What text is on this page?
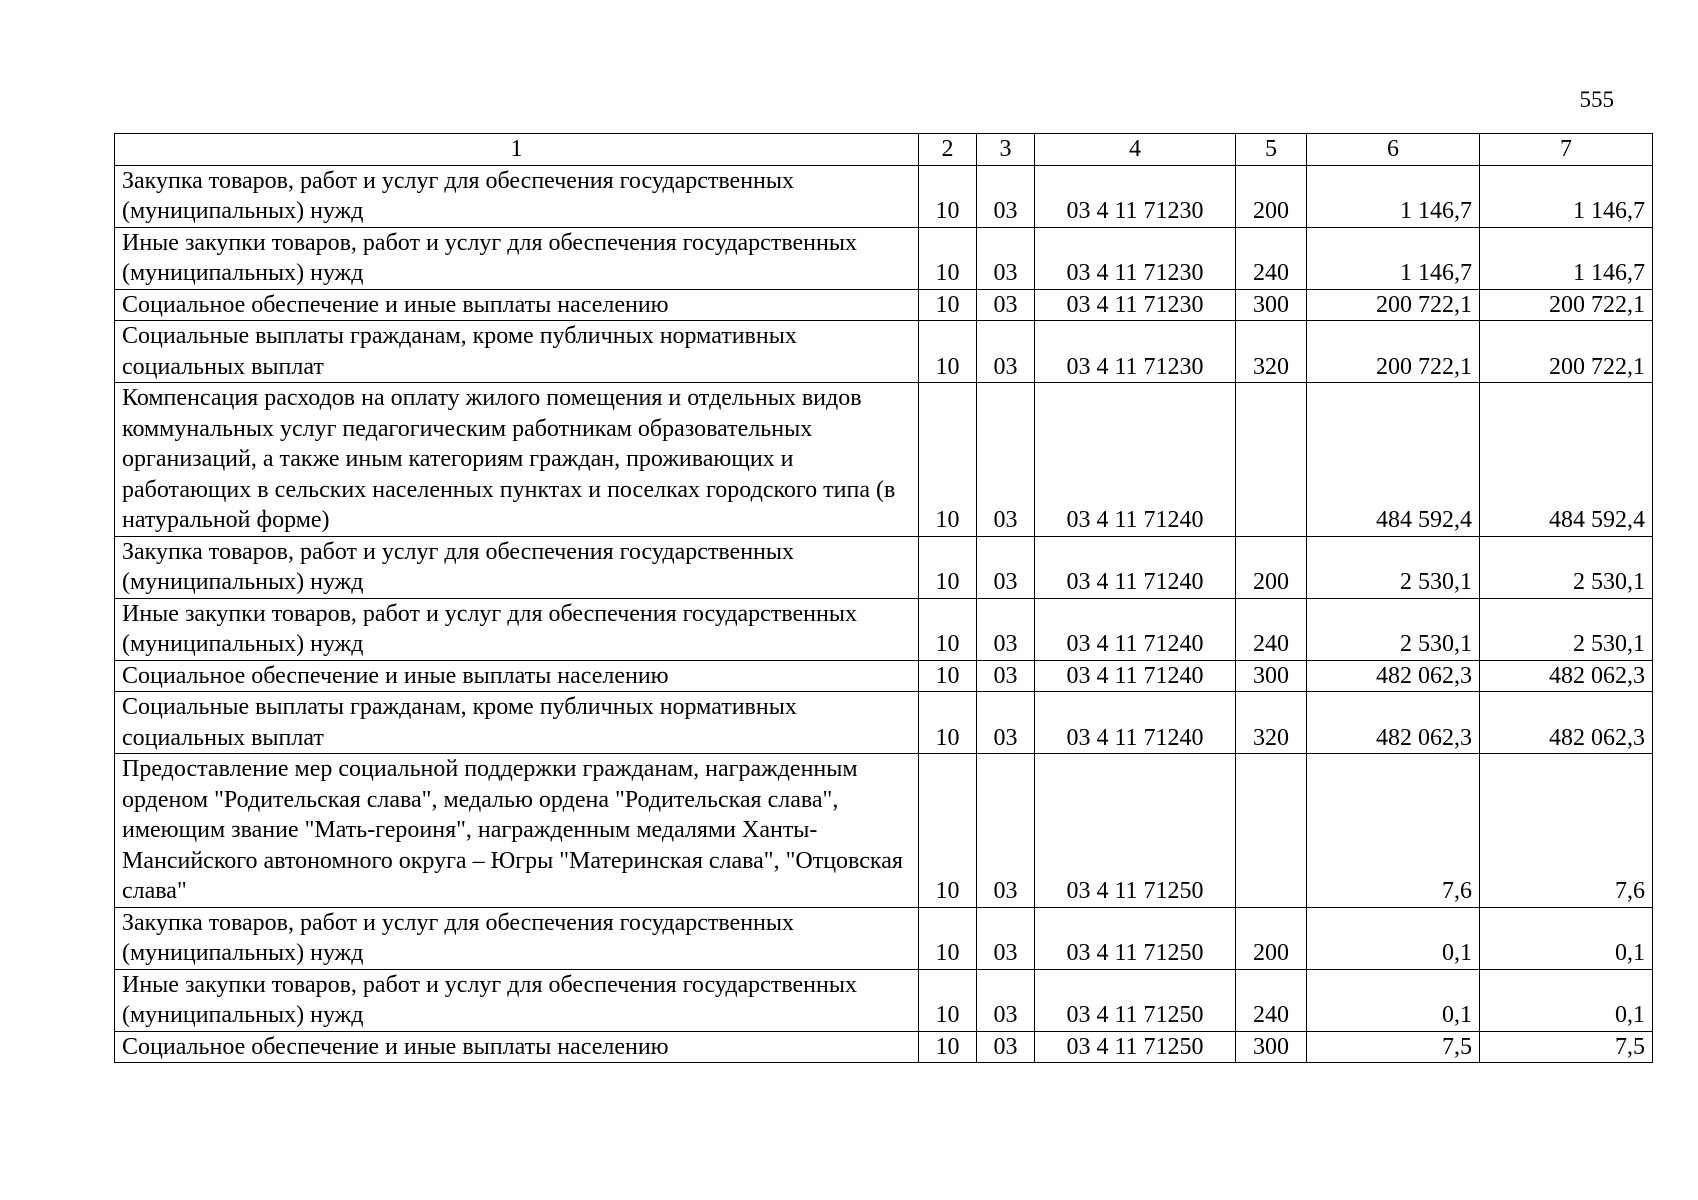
555
1	2	3	4	5	6	7
Закупка товаров, работ и услуг для обеспечения государственных (муниципальных) нужд	10	03	03 4 11 71230	200	1 146,7	1 146,7
Иные закупки товаров, работ и услуг для обеспечения государственных (муниципальных) нужд	10	03	03 4 11 71230	240	1 146,7	1 146,7
Социальное обеспечение и иные выплаты населению	10	03	03 4 11 71230	300	200 722,1	200 722,1
Социальные выплаты гражданам, кроме публичных нормативных социальных выплат	10	03	03 4 11 71230	320	200 722,1	200 722,1
Компенсация расходов на оплату жилого помещения и отдельных видов коммунальных услуг педагогическим работникам образовательных организаций, а также иным категориям граждан, проживающих и работающих в сельских населенных пунктах и поселках городского типа (в натуральной форме)	10	03	03 4 11 71240		484 592,4	484 592,4
Закупка товаров, работ и услуг для обеспечения государственных (муниципальных) нужд	10	03	03 4 11 71240	200	2 530,1	2 530,1
Иные закупки товаров, работ и услуг для обеспечения государственных (муниципальных) нужд	10	03	03 4 11 71240	240	2 530,1	2 530,1
Социальное обеспечение и иные выплаты населению	10	03	03 4 11 71240	300	482 062,3	482 062,3
Социальные выплаты гражданам, кроме публичных нормативных социальных выплат	10	03	03 4 11 71240	320	482 062,3	482 062,3
Предоставление мер социальной поддержки гражданам, награжденным орденом "Родительская слава", медалью ордена "Родительская слава", имеющим звание "Мать-героиня", награжденным медалями Ханты-Мансийского автономного округа – Югры "Материнская слава", "Отцовская слава"	10	03	03 4 11 71250		7,6	7,6
Закупка товаров, работ и услуг для обеспечения государственных (муниципальных) нужд	10	03	03 4 11 71250	200	0,1	0,1
Иные закупки товаров, работ и услуг для обеспечения государственных (муниципальных) нужд	10	03	03 4 11 71250	240	0,1	0,1
Социальное обеспечение и иные выплаты населению	10	03	03 4 11 71250	300	7,5	7,5
